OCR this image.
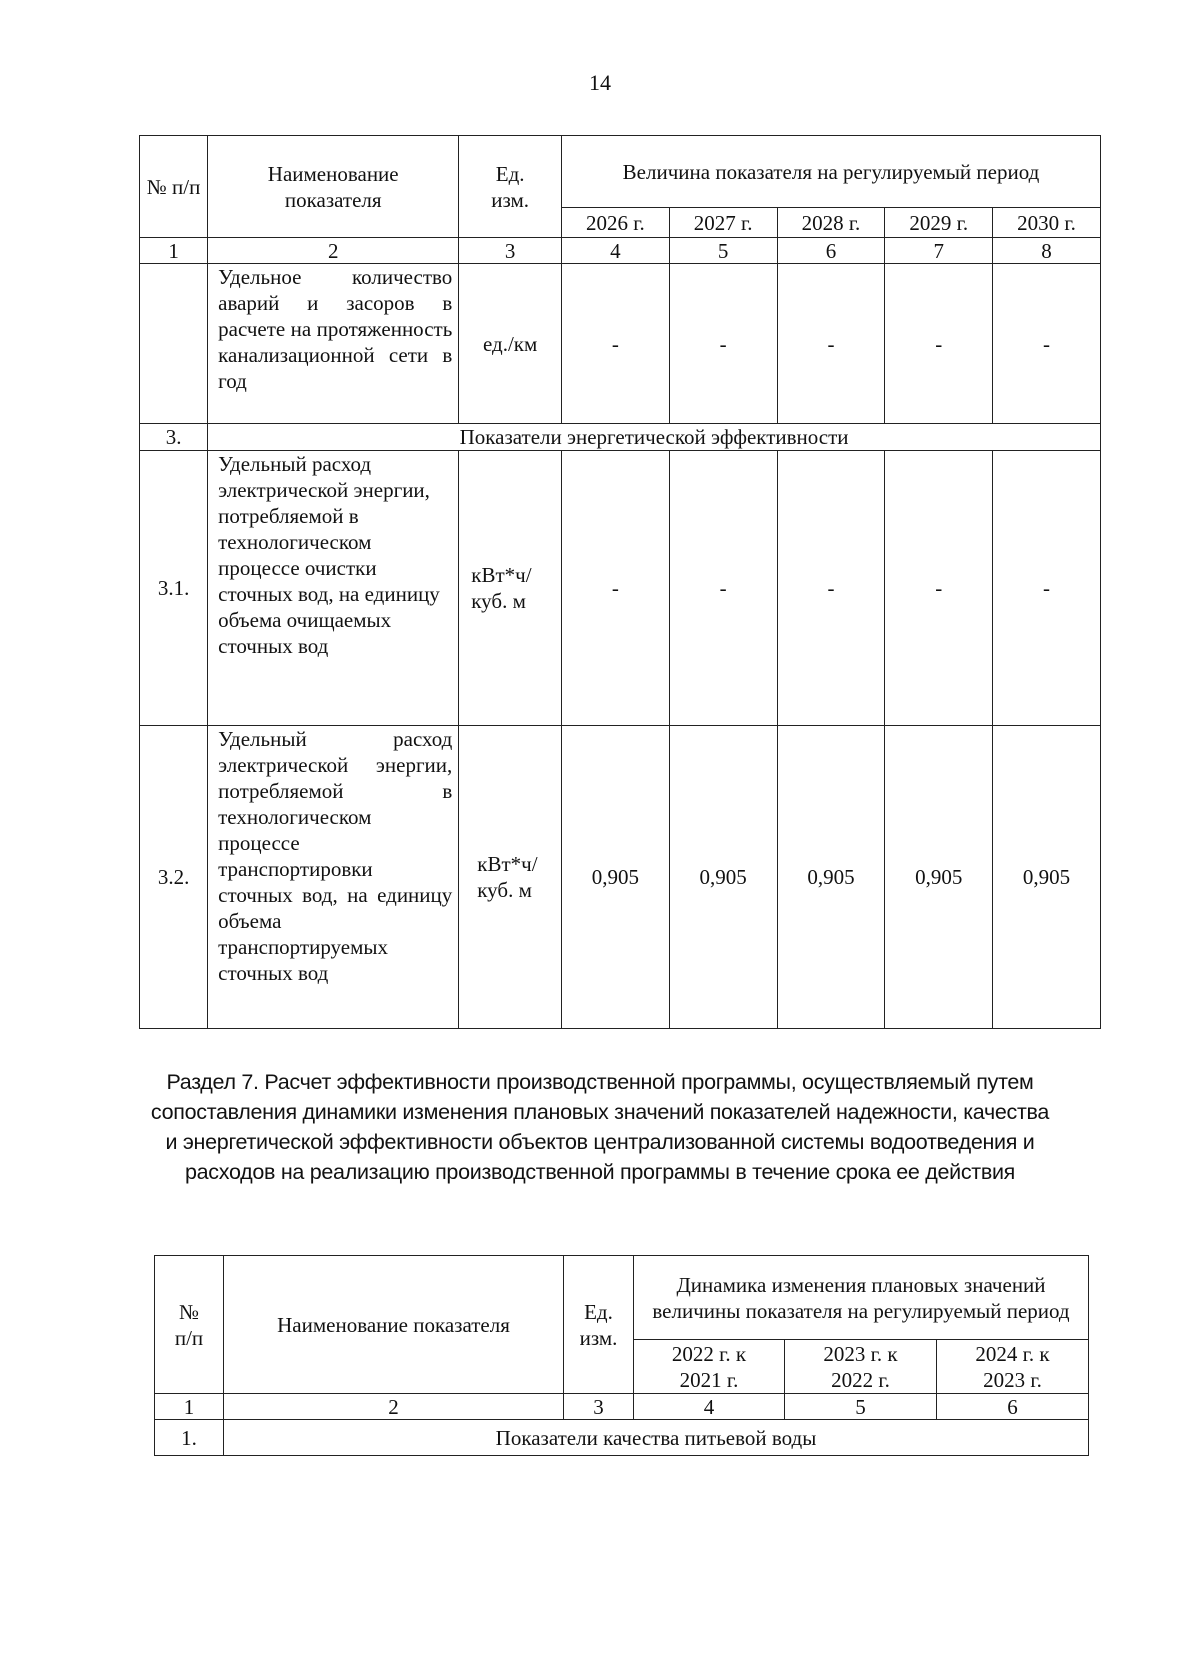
14
№ п/п	Наименование показателя	Ед. изм.	Величина показателя на регулируемый период				
			2026 г.	2027 г.	2028 г.	2029 г.	2030 г.
1	2	3	4	5	6	7	8
	Удельное количество аварий и засоров в расчете на протяженность канализационной сети в год	ед./км	-	-	-	-	-
3.	Показатели энергетической эффективности						
3.1.	Удельный расход электрической энергии, потребляемой в технологическом процессе очистки сточных вод, на единицу объема очищаемых сточных вод	кВт*ч/куб. м	-	-	-	-	-
3.2.	Удельный расход электрической энергии, потребляемой в технологическом процессе транспортировки сточных вод, на единицу объема транспортируемых сточных вод	кВт*ч/ куб. м	0,905	0,905	0,905	0,905	0,905
Раздел 7. Расчет эффективности производственной программы, осуществляемый путем сопоставления динамики изменения плановых значений показателей надежности, качества и энергетической эффективности объектов централизованной системы водоотведения и расходов на реализацию производственной программы в течение срока ее действия
№ п/п	Наименование показателя	Ед. изм.	Динамика изменения плановых значений величины показателя на регулируемый период		
			2022 г. к 2021 г.	2023 г. к 2022 г.	2024 г. к 2023 г.
1	2	3	4	5	6
1.	Показатели качества питьевой воды				
